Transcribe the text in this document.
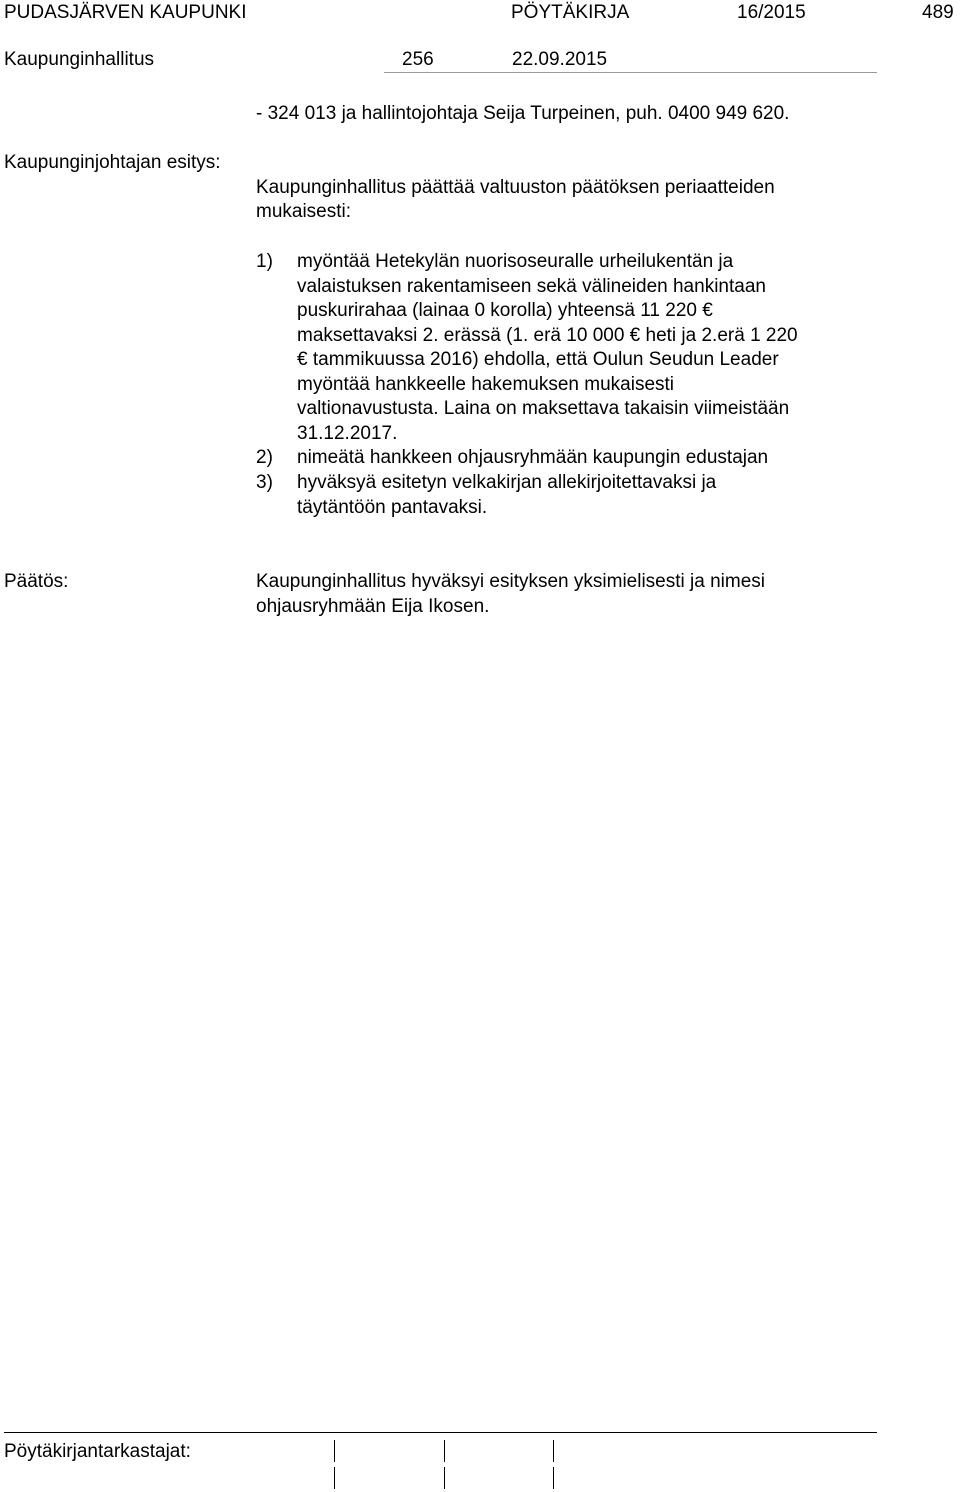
PUDASJÄRVEN KAUPUNKI	PÖYTÄKIRJA	16/2015	489
Kaupunginhallitus	256	22.09.2015
- 324 013 ja hallintojohtaja Seija Turpeinen, puh. 0400 949 620.
Kaupunginjohtajan esitys:
Kaupunginhallitus päättää valtuuston päätöksen periaatteiden
mukaisesti:
1) myöntää Hetekylän nuorisoseuralle urheilukentän ja
valaistuksen rakentamiseen sekä välineiden hankintaan
puskurirahaa (lainaa 0 korolla) yhteensä 11 220 €
maksettavaksi 2. erässä (1. erä 10 000 € heti ja 2.erä 1 220
€ tammikuussa 2016) ehdolla, että Oulun Seudun Leader
myöntää hankkeelle hakemuksen mukaisesti
valtionavustusta. Laina on maksettava takaisin viimeistään
31.12.2017.
2) nimeätä hankkeen ohjausryhmään kaupungin edustajan
3) hyväksyä esitetyn velkakirjan allekirjoitettavaksi ja
täytäntöön pantavaksi.
Päätös:	Kaupunginhallitus hyväksyi esityksen yksimielisesti ja nimesi
ohjausryhmään Eija Ikosen.
Pöytäkirjantarkastajat:
